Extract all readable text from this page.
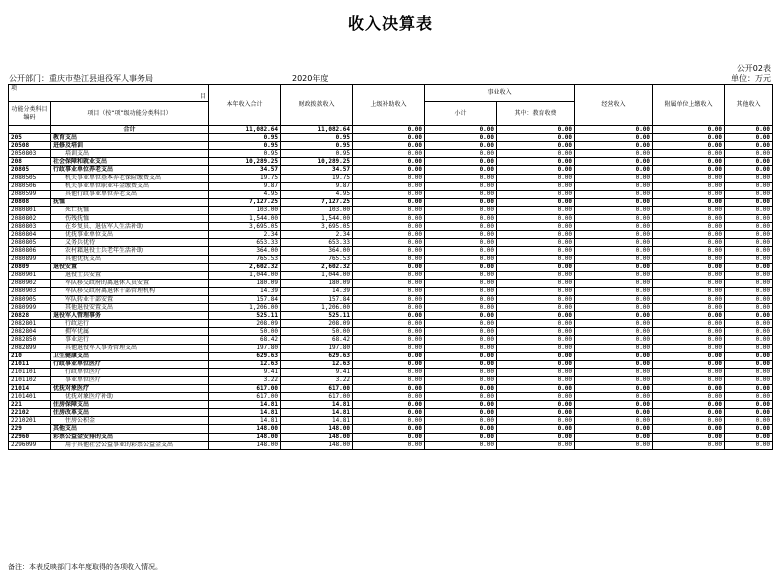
收入决算表
公开02表
公开部门：重庆市垫江县退役军人事务局	2020年度	单位：万元
项		本年收入合计	财政拨款收入	上级补助收入	事业收入		经营收入	附属单位上缴收入	其他收入
目									
功能分类科目编码	项目（按“项”级功能分类科目）				小计	其中：教育收费			

	合计	11,082.64	11,082.64	0.00	0.00	0.00	0.00	0.00	0.00
205	教育支出	0.95	0.95	0.00	0.00	0.00	0.00	0.00	0.00
20508	进修及培训	0.95	0.95	0.00	0.00	0.00	0.00	0.00	0.00
2050803	培训支出	0.95	0.95	0.00	0.00	0.00	0.00	0.00	0.00
208	社会保障和就业支出	10,289.25	10,289.25	0.00	0.00	0.00	0.00	0.00	0.00
20805	行政事业单位养老支出	34.57	34.57	0.00	0.00	0.00	0.00	0.00	0.00
2080505	机关事业单位基本养老保险缴费支出	19.75	19.75	0.00	0.00	0.00	0.00	0.00	0.00
2080506	机关事业单位职业年金缴费支出	9.87	9.87	0.00	0.00	0.00	0.00	0.00	0.00
2080599	其他行政事业单位养老支出	4.95	4.95	0.00	0.00	0.00	0.00	0.00	0.00
20808	抚恤	7,127.25	7,127.25	0.00	0.00	0.00	0.00	0.00	0.00
2080801	死亡抚恤	103.00	103.00	0.00	0.00	0.00	0.00	0.00	0.00
2080802	伤残抚恤	1,544.00	1,544.00	0.00	0.00	0.00	0.00	0.00	0.00
2080803	在乡复员、退伍军人生活补助	3,695.05	3,695.05	0.00	0.00	0.00	0.00	0.00	0.00
2080804	优抚事业单位支出	2.34	2.34	0.00	0.00	0.00	0.00	0.00	0.00
2080805	义务兵优待	653.33	653.33	0.00	0.00	0.00	0.00	0.00	0.00
2080806	农村籍退役士兵老年生活补助	364.00	364.00	0.00	0.00	0.00	0.00	0.00	0.00
2080899	其他优抚支出	765.53	765.53	0.00	0.00	0.00	0.00	0.00	0.00
20809	退役安置	2,602.32	2,602.32	0.00	0.00	0.00	0.00	0.00	0.00
2080901	退役士兵安置	1,044.00	1,044.00	0.00	0.00	0.00	0.00	0.00	0.00
2080902	军队移交政府的离退休人员安置	180.09	180.09	0.00	0.00	0.00	0.00	0.00	0.00
2080903	军队移交政府离退休干部管理机构	14.39	14.39	0.00	0.00	0.00	0.00	0.00	0.00
2080905	军队转业干部安置	157.84	157.84	0.00	0.00	0.00	0.00	0.00	0.00
2080999	其他退役安置支出	1,206.00	1,206.00	0.00	0.00	0.00	0.00	0.00	0.00
20828	退役军人管理事务	525.11	525.11	0.00	0.00	0.00	0.00	0.00	0.00
2082801	行政运行	208.09	208.09	0.00	0.00	0.00	0.00	0.00	0.00
2082804	拥军优属	50.00	50.00	0.00	0.00	0.00	0.00	0.00	0.00
2082850	事业运行	68.42	68.42	0.00	0.00	0.00	0.00	0.00	0.00
2082899	其他退役军人事务管理支出	197.80	197.80	0.00	0.00	0.00	0.00	0.00	0.00
210	卫生健康支出	629.63	629.63	0.00	0.00	0.00	0.00	0.00	0.00
21011	行政事业单位医疗	12.63	12.63	0.00	0.00	0.00	0.00	0.00	0.00
2101101	行政单位医疗	9.41	9.41	0.00	0.00	0.00	0.00	0.00	0.00
2101102	事业单位医疗	3.22	3.22	0.00	0.00	0.00	0.00	0.00	0.00
21014	优抚对象医疗	617.00	617.00	0.00	0.00	0.00	0.00	0.00	0.00
2101401	优抚对象医疗补助	617.00	617.00	0.00	0.00	0.00	0.00	0.00	0.00
221	住房保障支出	14.81	14.81	0.00	0.00	0.00	0.00	0.00	0.00
22102	住房改革支出	14.81	14.81	0.00	0.00	0.00	0.00	0.00	0.00
2210201	住房公积金	14.81	14.81	0.00	0.00	0.00	0.00	0.00	0.00
229	其他支出	148.00	148.00	0.00	0.00	0.00	0.00	0.00	0.00
22960	彩票公益金安排的支出	148.00	148.00	0.00	0.00	0.00	0.00	0.00	0.00
2296099	用于其他社会公益事业的彩票公益金支出	148.00	148.00	0.00	0.00	0.00	0.00	0.00	0.00
备注：本表反映部门本年度取得的各项收入情况。
